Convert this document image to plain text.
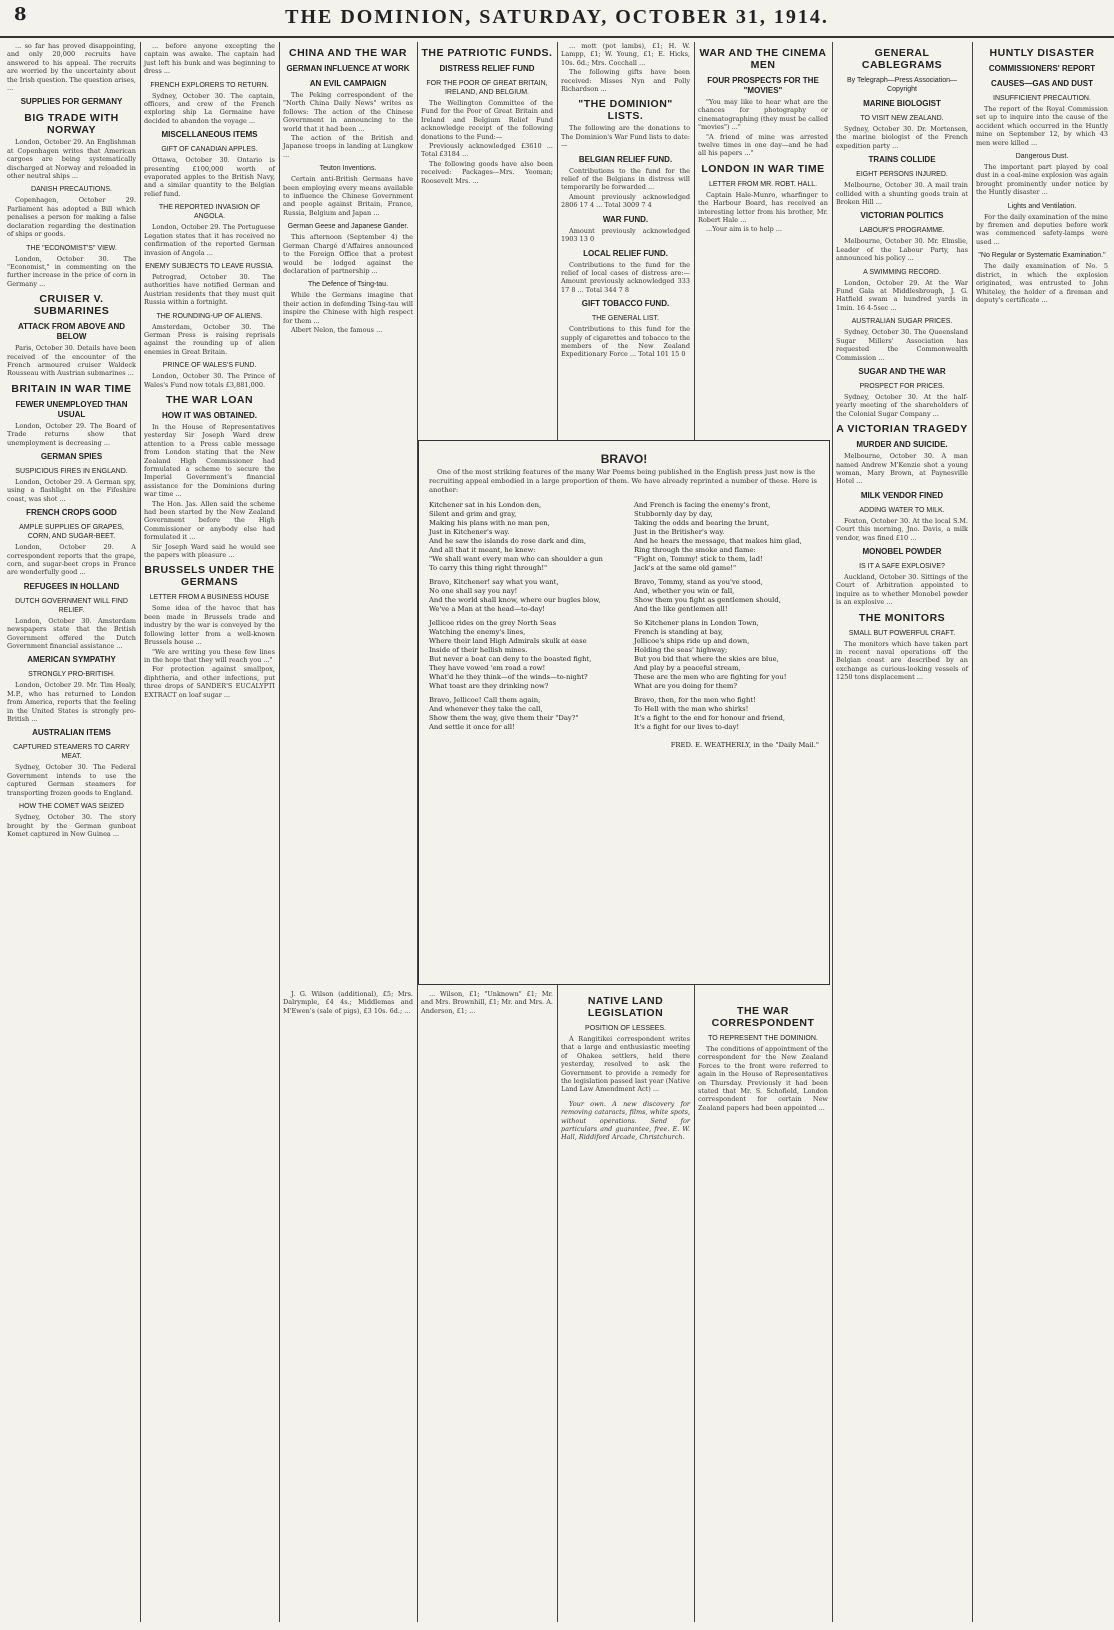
8	THE DOMINION, SATURDAY, OCTOBER 31, 1914.

... so far has proved disappointing, and only 20,000 recruits have answered to his appeal. The recruits are worried by the uncertainty about the Irish question. The question arises, ...

SUPPLIES FOR GERMANY
BIG TRADE WITH NORWAY

London, October 29. An Englishman at Copenhagen writes that American cargoes are being systematically discharged at Norway and reloaded in other neutral ships ...

DANISH PRECAUTIONS.

Copenhagen, October 29. Parliament has adopted a Bill which penalises a person for making a false declaration regarding the destination of ships or goods.

THE "ECONOMIST'S" VIEW.

London, October 30. The "Economist," in commenting on the further increase in the price of corn in Germany ...

CRUISER V. SUBMARINES
ATTACK FROM ABOVE AND BELOW

Paris, October 30. Details have been received of the encounter of the French armoured cruiser Waldeck Rousseau with Austrian submarines ...

BRITAIN IN WAR TIME
FEWER UNEMPLOYED THAN USUAL

London, October 29. The Board of Trade returns show that unemployment is decreasing ...

GERMAN SPIES
SUSPICIOUS FIRES IN ENGLAND.

London, October 29. A German spy, using a flashlight on the Fifeshire coast, was shot ...

FRENCH CROPS GOOD
AMPLE SUPPLIES OF GRAPES, CORN, AND SUGAR-BEET.

London, October 29. A correspondent reports that the grape, corn, and sugar-beet crops in France are wonderfully good ...

REFUGEES IN HOLLAND
DUTCH GOVERNMENT WILL FIND RELIEF.

London, October 30. Amsterdam newspapers state that the British Government offered the Dutch Government financial assistance ...

AMERICAN SYMPATHY
STRONGLY PRO-BRITISH.

London, October 29. Mr. Tim Healy, M.P., who has returned to London from America, reports that the feeling in the United States is strongly pro-British ...

AUSTRALIAN ITEMS
CAPTURED STEAMERS TO CARRY MEAT.

Sydney, October 30. The Federal Government intends to use the captured German steamers for transporting frozen goods to England.

HOW THE COMET WAS SEIZED

Sydney, October 30. The story brought by the German gunboat Komet captured in New Guinea ...

... before anyone excepting the captain was awake. The captain had just left his bunk and was beginning to dress ...

FRENCH EXPLORERS TO RETURN.

Sydney, October 30. The captain, officers, and crew of the French exploring ship La Germaine have decided to abandon the voyage ...

MISCELLANEOUS ITEMS
GIFT OF CANADIAN APPLES.

Ottawa, October 30. Ontario is presenting £100,000 worth of evaporated apples to the British Navy, and a similar quantity to the Belgian relief fund.

THE REPORTED INVASION OF ANGOLA.

London, October 29. The Portuguese Legation states that it has received no confirmation of the reported German invasion of Angola ...

ENEMY SUBJECTS TO LEAVE RUSSIA.

Petrograd, October 30. The authorities have notified German and Austrian residents that they must quit Russia within a fortnight.

THE ROUNDING-UP OF ALIENS.

Amsterdam, October 30. The German Press is raising reprisals against the rounding up of alien enemies in Great Britain.

PRINCE OF WALES'S FUND.

London, October 30. The Prince of Wales's Fund now totals £3,881,000.

THE WAR LOAN
HOW IT WAS OBTAINED.

In the House of Representatives yesterday Sir Joseph Ward drew attention to a Press cable message from London stating that the New Zealand High Commissioner had formulated a scheme to secure the Imperial Government's financial assistance for the Dominions during war time ...

The Hon. Jas. Allen said the scheme had been started by the New Zealand Government before the High Commissioner or anybody else had formulated it ...

Sir Joseph Ward said he would see the papers with pleasure ...

BRUSSELS UNDER THE GERMANS
LETTER FROM A BUSINESS HOUSE

Some idea of the havoc that has been made in Brussels trade and industry by the war is conveyed by the following letter from a well-known Brussels house ...

"We are writing you these few lines in the hope that they will reach you ..."

For protection against smallpox, diphtheria, and other infections, put three drops of SANDER'S EUCALYPTI EXTRACT on loaf sugar ...

CHINA AND THE WAR
GERMAN INFLUENCE AT WORK
AN EVIL CAMPAIGN

The Peking correspondent of the "North China Daily News" writes as follows: The action of the Chinese Government in announcing to the world that it had been ...

The action of the British and Japanese troops in landing at Lungkow ...

Teuton Inventions.

Certain anti-British Germans have been employing every means available to influence the Chinese Government and people against Britain, France, Russia, Belgium and Japan ...

German Geese and Japanese Gander.

This afternoon (September 4) the German Chargé d'Affaires announced to the Foreign Office that a protest would be lodged against the declaration of partnership ...

The Defence of Tsing-tau.

While the Germans imagine that their action in defending Tsing-tau will inspire the Chinese with high respect for them ...

Albert Nelon, the famous ...

THE PATRIOTIC FUNDS.
DISTRESS RELIEF FUND
FOR THE POOR OF GREAT BRITAIN, IRELAND, AND BELGIUM.

The Wellington Committee of the Fund for the Poor of Great Britain and Ireland and Belgium Relief Fund acknowledge receipt of the following donations to the Fund:—

Previously acknowledged £3610 ... Total £3184 ...

The following goods have also been received: Packages—Mrs. Yeoman; Roosevelt Mrs. ...

... mott (pot lambs), £1; H. W. Lampp, £1; W. Young, £1; E. Hicks, 10s. 6d.; Mrs. Cocchall ...

The following gifts have been received: Misses Nyn and Polly Richardson ...

"THE DOMINION" LISTS.

The following are the donations to The Dominion's War Fund lists to date:—

BELGIAN RELIEF FUND.

Contributions to the fund for the relief of the Belgians in distress will temporarily be forwarded ...

Amount previously acknowledged 2806 17 4 ... Total 3009 7 4

WAR FUND.

Amount previously acknowledged 1903 13 0

LOCAL RELIEF FUND.

Contributions to the fund for the relief of local cases of distress are:— Amount previously acknowledged 333 17 8 ... Total 344 7 8

GIFT TOBACCO FUND.
THE GENERAL LIST.

Contributions to this fund for the supply of cigarettes and tobacco to the members of the New Zealand Expeditionary Force ... Total 101 15 0

WAR AND THE CINEMA MEN
FOUR PROSPECTS FOR THE "MOVIES"

"You may like to hear what are the chances for photography or cinematographing (they must be called "movies") ..."

"A friend of mine was arrested twelve times in one day—and he had all his papers ..."

LONDON IN WAR TIME
LETTER FROM MR. ROBT. HALL.

Captain Hale-Munro, wharfinger to the Harbour Board, has received an interesting letter from his brother, Mr. Robert Hale ...

...Your aim is to help ...

GENERAL CABLEGRAMS
By Telegraph—Press Association—Copyright
MARINE BIOLOGIST
TO VISIT NEW ZEALAND.

Sydney, October 30. Dr. Mortensen, the marine biologist of the French expedition party ...

TRAINS COLLIDE
EIGHT PERSONS INJURED.

Melbourne, October 30. A mail train collided with a shunting goods train at Broken Hill ...

VICTORIAN POLITICS
LABOUR'S PROGRAMME.

Melbourne, October 30. Mr. Elmslie, Leader of the Labour Party, has announced his policy ...

A SWIMMING RECORD.

London, October 29. At the War Fund Gala at Middlesbrough, J. G. Hatfield swam a hundred yards in 1min. 16 4-5sec ...

AUSTRALIAN SUGAR PRICES.

Sydney, October 30. The Queensland Sugar Millers' Association has requested the Commonwealth Commission ...

SUGAR AND THE WAR
PROSPECT FOR PRICES.

Sydney, October 30. At the half-yearly meeting of the shareholders of the Colonial Sugar Company ...

A VICTORIAN TRAGEDY
MURDER AND SUICIDE.

Melbourne, October 30. A man named Andrew M'Kenzie shot a young woman, Mary Brown, at Paynesville Hotel ...

MILK VENDOR FINED
ADDING WATER TO MILK.

Foxton, October 30. At the local S.M. Court this morning, Jno. Davis, a milk vendor, was fined £10 ...

MONOBEL POWDER
IS IT A SAFE EXPLOSIVE?

Auckland, October 30. Sittings of the Court of Arbitration appointed to inquire as to whether Monobel powder is an explosive ...

THE MONITORS
SMALL BUT POWERFUL CRAFT.

The monitors which have taken part in recent naval operations off the Belgian coast are described by an exchange as curious-looking vessels of 1250 tons displacement ...

HUNTLY DISASTER
COMMISSIONERS' REPORT
CAUSES—GAS AND DUST
INSUFFICIENT PRECAUTION.

The report of the Royal Commission set up to inquire into the cause of the accident which occurred in the Huntly mine on September 12, by which 43 men were killed ...

Dangerous Dust.

The important part played by coal dust in a coal-mine explosion was again brought prominently under notice by the Huntly disaster ...

Lights and Ventilation.

For the daily examination of the mine by firemen and deputies before work was commenced safety-lamps were used ...

"No Regular or Systematic Examination."

The daily examination of No. 5 district, in which the explosion originated, was entrusted to John Whiteley, the holder of a fireman and deputy's certificate ...

BRAVO!

One of the most striking features of the many War Poems being published in the English press just now is the recruiting appeal embodied in a large proportion of them. We have already reprinted a number of these. Here is another:

Kitchener sat in his London den,
Silent and grim and gray,
Making his plans with no man pen,
Just in Kitchener's way.
And he saw the islands do rose dark and dim,
And all that it meant, he knew:
"We shall want every man who can shoulder a gun
To carry this thing right through!"

Bravo, Kitchener! say what you want,
No one shall say you nay!
And the world shall know, where our bugles blow,
We've a Man at the head—to-day!

Jellicoe rides on the grey North Seas
Watching the enemy's lines,
Where their land High Admirals skulk at ease
Inside of their hellish mines.
But never a boat can deny to the boasted fight,
They have vowed 'em road a row!
What'd he they think—of the winds—to-night?
What toast are they drinking now?

Bravo, Jellicoe! Call them again,
And whenever they take the call,
Show them the way, give them their "Day?"
And settle it once for all!

And French is facing the enemy's front,
Stubbornly day by day,
Taking the odds and bearing the brunt,
Just in the Britisher's way.
And he hears the message, that makes him glad,
Ring through the smoke and flame:
"Fight on, Tommy! stick to them, lad!
Jack's at the same old game!"

Bravo, Tommy, stand as you've stood,
And, whether you win or fall,
Show them you fight as gentlemen should,
And the like gentlemen all!

So Kitchener plans in London Town,
French is standing at bay,
Jellicoe's ships ride up and down,
Holding the seas' highway;
But you bid that where the skies are blue,
And play by a peaceful stream,
These are the men who are fighting for you!
What are you doing for them?

Bravo, then, for the men who fight!
To Hell with the man who shirks!
It's a fight to the end for honour and friend,
It's a fight for our lives to-day!

FRED. E. WEATHERLY, in the "Daily Mail."

J. G. Wilson (additional), £5; Mrs. Dalrymple, £4 4s.; Middlemas and M'Ewen's (sale of pigs), £3 10s. 6d.; ...

... Wilson, £1; "Unknown" £1; Mr. and Mrs. Brownhill, £1; Mr. and Mrs. A. Anderson, £1; ...

NATIVE LAND LEGISLATION
POSITION OF LESSEES.

A Rangitikei correspondent writes that a large and enthusiastic meeting of Ohakea settlers, held there yesterday, resolved to ask the Government to provide a remedy for the legislation passed last year (Native Land Law Amendment Act) ...

Your own. A new discovery for removing cataracts, films, white spots, without operations. Send for particulars and guarantee, free. E. W. Hall, Riddiford Arcade, Christchurch.

THE WAR CORRESPONDENT
TO REPRESENT THE DOMINION.

The conditions of appointment of the correspondent for the New Zealand Forces to the front were referred to again in the House of Representatives on Thursday. Previously it had been stated that Mr. S. Schofield, London correspondent for certain New Zealand papers had been appointed ...
